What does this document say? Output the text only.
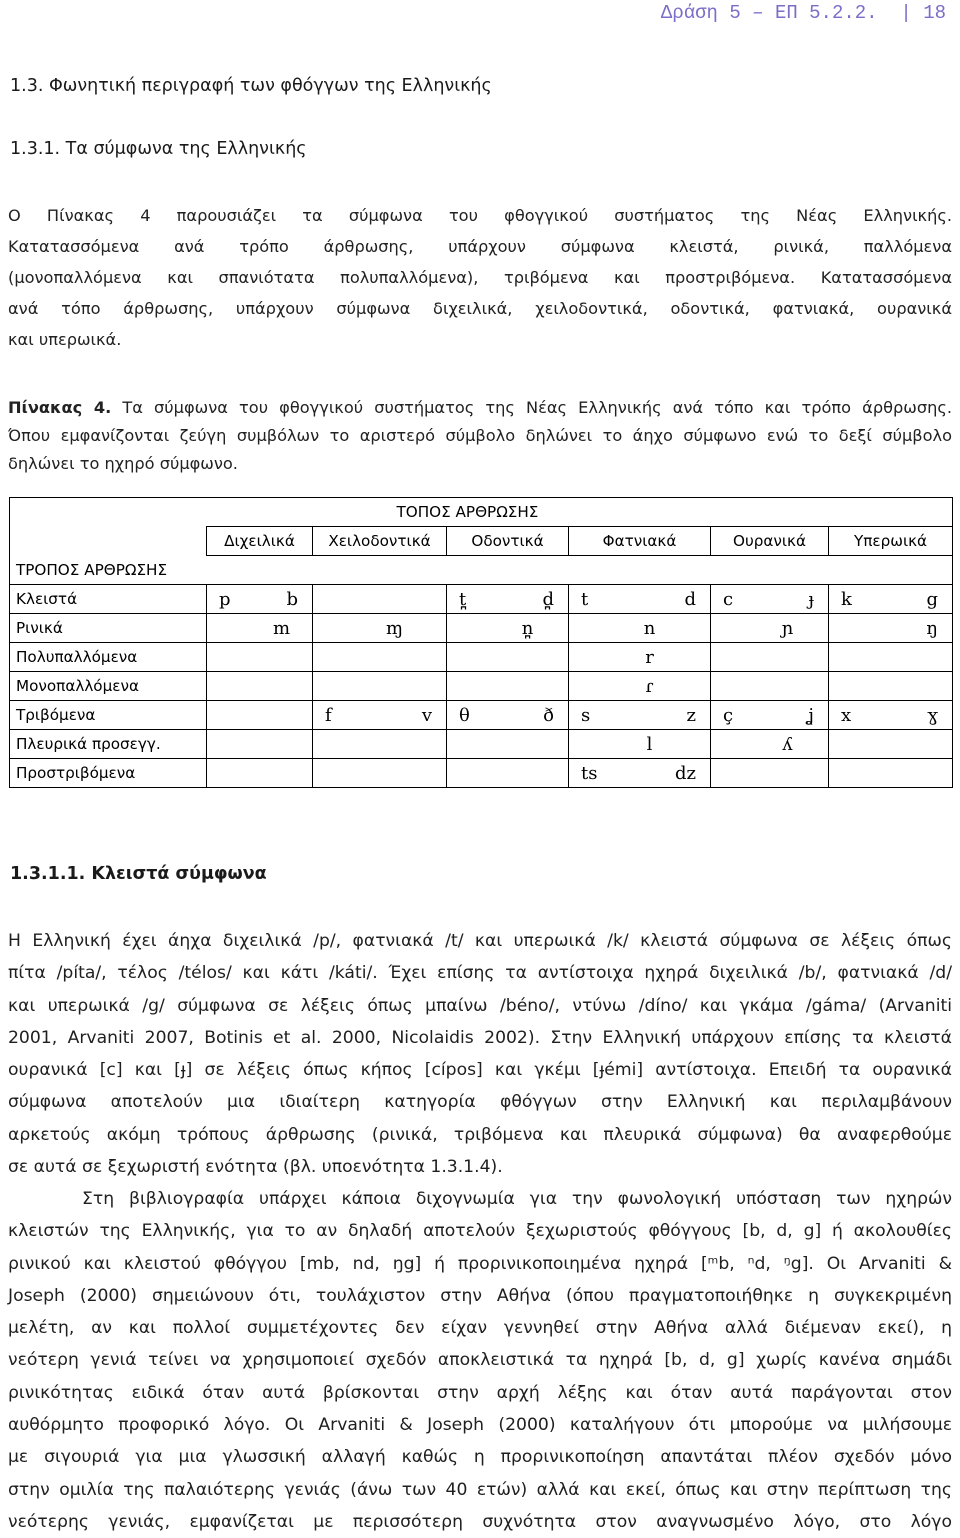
Δράση 5 – ΕΠ 5.2.2. | 18
1.3. Φωνητική περιγραφή των φθόγγων της Ελληνικής
1.3.1. Τα σύμφωνα της Ελληνικής
Ο Πίνακας 4 παρουσιάζει τα σύμφωνα του φθογγικού συστήματος της Νέας Ελληνικής.
Κατατασσόμενα ανά τρόπο άρθρωσης, υπάρχουν σύμφωνα κλειστά, ρινικά, παλλόμενα
(μονοπαλλόμενα και σπανιότατα πολυπαλλόμενα), τριβόμενα και προστριβόμενα. Κατατασσόμενα
ανά τόπο άρθρωσης, υπάρχουν σύμφωνα διχειλικά, χειλοδοντικά, οδοντικά, φατνιακά, ουρανικά
και υπερωικά.
Πίνακας 4. Τα σύμφωνα του φθογγικού συστήματος της Νέας Ελληνικής ανά τόπο και τρόπο άρθρωσης.
Όπου εμφανίζονται ζεύγη συμβόλων το αριστερό σύμβολο δηλώνει το άηχο σύμφωνο ενώ το δεξί σύμβολο
δηλώνει το ηχηρό σύμφωνο.
	ΤΟΠΟΣ ΑΡΘΡΩΣΗΣ					
	Διχειλικά	Χειλοδοντικά	Οδοντικά	Φατνιακά	Ουρανικά	Υπερωικά
ΤΡΟΠΟΣ ΑΡΘΡΩΣΗΣ						
Κλειστά	p b		t̪ d̪	t d	c ɟ	k g

Ρινικά	m	ɱ	n̪	n	ɲ	ŋ

Πολυπαλλόμενα				r		

Μονοπαλλόμενα				ɾ		

Τριβόμενα		f v	θ ð	s z	ç ʝ	x ɣ

Πλευρικά προσεγγ.				l	ʎ	

Προστριβόμενα				ts dz		

1.3.1.1. Κλειστά σύμφωνα
Η Ελληνική έχει άηχα διχειλικά /p/, φατνιακά /t/ και υπερωικά /k/ κλειστά σύμφωνα σε λέξεις όπως
πίτα /píta/, τέλος /télos/ και κάτι /káti/. Έχει επίσης τα αντίστοιχα ηχηρά διχειλικά /b/, φατνιακά /d/
και υπερωικά /g/ σύμφωνα σε λέξεις όπως μπαίνω /béno/, ντύνω /díno/ και γκάμα /gáma/ (Arvaniti
2001, Arvaniti 2007, Botinis et al. 2000, Nicolaidis 2002). Στην Ελληνική υπάρχουν επίσης τα κλειστά
ουρανικά [c] και [ɟ] σε λέξεις όπως κήπος [cípos] και γκέμι [ɟémi] αντίστοιχα. Επειδή τα ουρανικά
σύμφωνα αποτελούν μια ιδιαίτερη κατηγορία φθόγγων στην Ελληνική και περιλαμβάνουν
αρκετούς ακόμη τρόπους άρθρωσης (ρινικά, τριβόμενα και πλευρικά σύμφωνα) θα αναφερθούμε
σε αυτά σε ξεχωριστή ενότητα (βλ. υποενότητα 1.3.1.4).
Στη βιβλιογραφία υπάρχει κάποια διχογνωμία για την φωνολογική υπόσταση των ηχηρών
κλειστών της Ελληνικής, για το αν δηλαδή αποτελούν ξεχωριστούς φθόγγους [b, d, g] ή ακολουθίες
ρινικού και κλειστού φθόγγου [mb, nd, ŋg] ή προρινικοποιημένα ηχηρά [ᵐb, ⁿd, ᵑg]. Οι Arvaniti &
Joseph (2000) σημειώνουν ότι, τουλάχιστον στην Αθήνα (όπου πραγματοποιήθηκε η συγκεκριμένη
μελέτη, αν και πολλοί συμμετέχοντες δεν είχαν γεννηθεί στην Αθήνα αλλά διέμεναν εκεί), η
νεότερη γενιά τείνει να χρησιμοποιεί σχεδόν αποκλειστικά τα ηχηρά [b, d, g] χωρίς κανένα σημάδι
ρινικότητας ειδικά όταν αυτά βρίσκονται στην αρχή λέξης και όταν αυτά παράγονται στον
αυθόρμητο προφορικό λόγο. Οι Arvaniti & Joseph (2000) καταλήγουν ότι μπορούμε να μιλήσουμε
με σιγουριά για μια γλωσσική αλλαγή καθώς η προρινικοποίηση απαντάται πλέον σχεδόν μόνο
στην ομιλία της παλαιότερης γενιάς (άνω των 40 ετών) αλλά και εκεί, όπως και στην περίπτωση της
νεότερης γενιάς, εμφανίζεται με περισσότερη συχνότητα στον αναγνωσμένο λόγο, στο λόγο
